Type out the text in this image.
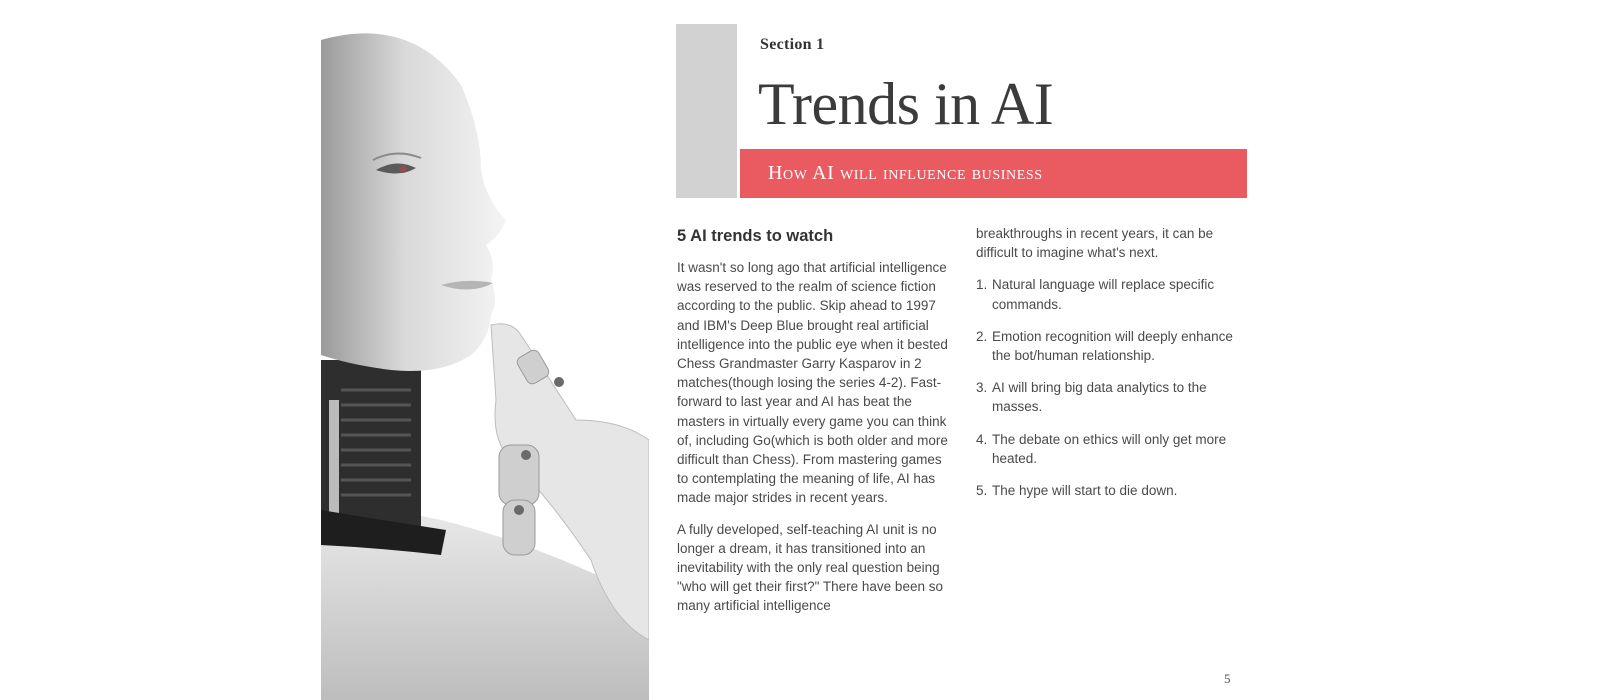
Section 1
Trends in AI
How AI will influence business
5 AI trends to watch

It wasn't so long ago that artificial intelligence was reserved to the realm of science fiction according to the public. Skip ahead to 1997 and IBM's Deep Blue brought real artificial intelligence into the public eye when it bested Chess Grandmaster Garry Kasparov in 2 matches(though losing the series 4-2). Fast-forward to last year and AI has beat the masters in virtually every game you can think of, including Go(which is both older and more difficult than Chess). From mastering games to contemplating the meaning of life, AI has made major strides in recent years.

A fully developed, self-teaching AI unit is no longer a dream, it has transitioned into an inevitability with the only real question being "who will get their first?" There have been so many artificial intelligence

breakthroughs in recent years, it can be difficult to imagine what's next.

1. Natural language will replace specific commands.
2. Emotion recognition will deeply enhance the bot/human relationship.
3. AI will bring big data analytics to the masses.
4. The debate on ethics will only get more heated.
5. The hype will start to die down.
5
